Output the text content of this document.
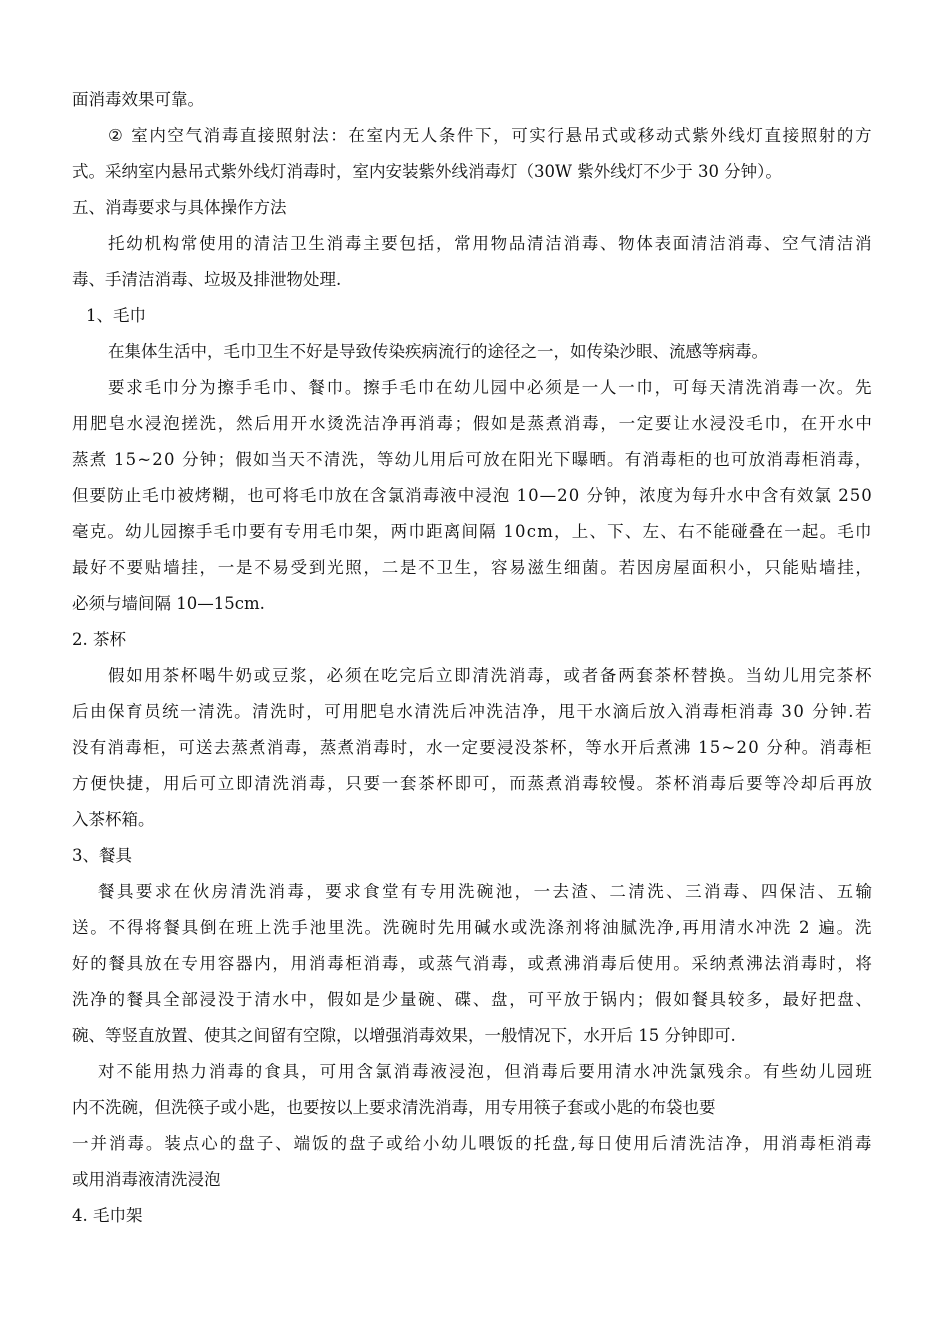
面消毒效果可靠。
②
室 内 空 气 消 毒 直 接 照 射 法 ： 在 室 内 无 人 条 件 下 ， 可 实 行 悬 吊 式 或 移 动 式 紫 外 线 灯 直 接 照 射 的 方
式。采纳室内悬吊式紫外线灯消毒时，室内安装紫外线消毒灯（30W 紫外线灯不少于 30 分钟）。
五、消毒要求与具体操作方法
托 幼 机 构 常 使 用 的 清 洁 卫 生 消 毒 主 要 包 括 ， 常 用 物 品 清 洁 消 毒 、 物 体 表 面 清 洁 消 毒 、 空 气 清 洁 消
毒、手清洁消毒、垃圾及排泄物处理.
1、毛巾
在集体生活中，毛巾卫生不好是导致传染疾病流行的途径之一，如传染沙眼、流感等病毒。
要 求 毛 巾 分 为 擦 手 毛 巾 、 餐 巾 。 擦 手 毛 巾 在 幼 儿 园 中 必 须 是 一 人 一 巾 ， 可 每 天 清 洗 消 毒 一 次 。 先
用 肥 皂 水 浸 泡 搓 洗 ， 然 后 用 开 水 烫 洗 洁 净 再 消 毒 ； 假 如 是 蒸 煮 消 毒 ， 一 定 要 让 水 浸 没 毛 巾 ， 在 开 水 中
蒸 煮
1 5 ~ 2 0
分 钟 ； 假 如 当 天 不 清 洗 ， 等 幼 儿 用 后 可 放 在 阳 光 下 曝 晒 。 有 消 毒 柜 的 也 可 放 消 毒 柜 消 毒 ，
但 要 防 止 毛 巾 被 烤 糊 ， 也 可 将 毛 巾 放 在 含 氯 消 毒 液 中 浸 泡
1 0 — 2 0
分 钟 ， 浓 度 为 每 升 水 中 含 有 效 氯
2 5 0
毫 克 。 幼 儿 园 擦 手 毛 巾 要 有 专 用 毛 巾 架 ， 两 巾 距 离 间 隔
1 0 c m ， 上 、 下 、 左 、 右 不 能 碰 叠 在 一 起 。 毛 巾
最 好 不 要 贴 墙 挂 ， 一 是 不 易 受 到 光 照 ， 二 是 不 卫 生 ， 容 易 滋 生 细 菌 。 若 因 房 屋 面 积 小 ， 只 能 贴 墙 挂 ，
必须与墙间隔 10—15cm.
2. 茶杯
假 如 用 茶 杯 喝 牛 奶 或 豆 浆 ， 必 须 在 吃 完 后 立 即 清 洗 消 毒 ， 或 者 备 两 套 茶 杯 替 换 。 当 幼 儿 用 完 茶 杯
后 由 保 育 员 统 一 清 洗 。 清 洗 时 ， 可 用 肥 皂 水 清 洗 后 冲 洗 洁 净 ， 甩 干 水 滴 后 放 入 消 毒 柜 消 毒
3 0
分 钟 . 若
没 有 消 毒 柜 ， 可 送 去 蒸 煮 消 毒 ， 蒸 煮 消 毒 时 ， 水 一 定 要 浸 没 茶 杯 ， 等 水 开 后 煮 沸
1 5 ~ 2 0
分 种 。 消 毒 柜
方 便 快 捷 ， 用 后 可 立 即 清 洗 消 毒 ， 只 要 一 套 茶 杯 即 可 ， 而 蒸 煮 消 毒 较 慢 。 茶 杯 消 毒 后 要 等 冷 却 后 再 放
入茶杯箱。
3、餐具
餐 具 要 求 在 伙 房 清 洗 消 毒 ， 要 求 食 堂 有 专 用 洗 碗 池 ， 一 去 渣 、 二 清 洗 、 三 消 毒 、 四 保 洁 、 五 输
送 。 不 得 将 餐 具 倒 在 班 上 洗 手 池 里 洗 。 洗 碗 时 先 用 碱 水 或 洗 涤 剂 将 油 腻 洗 净 , 再 用 清 水 冲 洗
2
遍 。 洗
好 的 餐 具 放 在 专 用 容 器 内 ， 用 消 毒 柜 消 毒 ， 或 蒸 气 消 毒 ， 或 煮 沸 消 毒 后 使 用 。 采 纳 煮 沸 法 消 毒 时 ， 将
洗 净 的 餐 具 全 部 浸 没 于 清 水 中 ， 假 如 是 少 量 碗 、 碟 、 盘 ， 可 平 放 于 锅 内 ； 假 如 餐 具 较 多 ， 最 好 把 盘 、
碗、等竖直放置、使其之间留有空隙，以增强消毒效果，一般情况下，水开后 15 分钟即可.
对 不 能 用 热 力 消 毒 的 食 具 ， 可 用 含 氯 消 毒 液 浸 泡 ， 但 消 毒 后 要 用 清 水 冲 洗 氯 残 余 。 有 些 幼 儿 园 班
内不洗碗，但洗筷子或小匙，也要按以上要求清洗消毒，用专用筷子套或小匙的布袋也要
一 并 消 毒 。 装 点 心 的 盘 子 、 端 饭 的 盘 子 或 给 小 幼 儿 喂 饭 的 托 盘 , 每 日 使 用 后 清 洗 洁 净 ， 用 消 毒 柜 消 毒
或用消毒液清洗浸泡
4. 毛巾架
